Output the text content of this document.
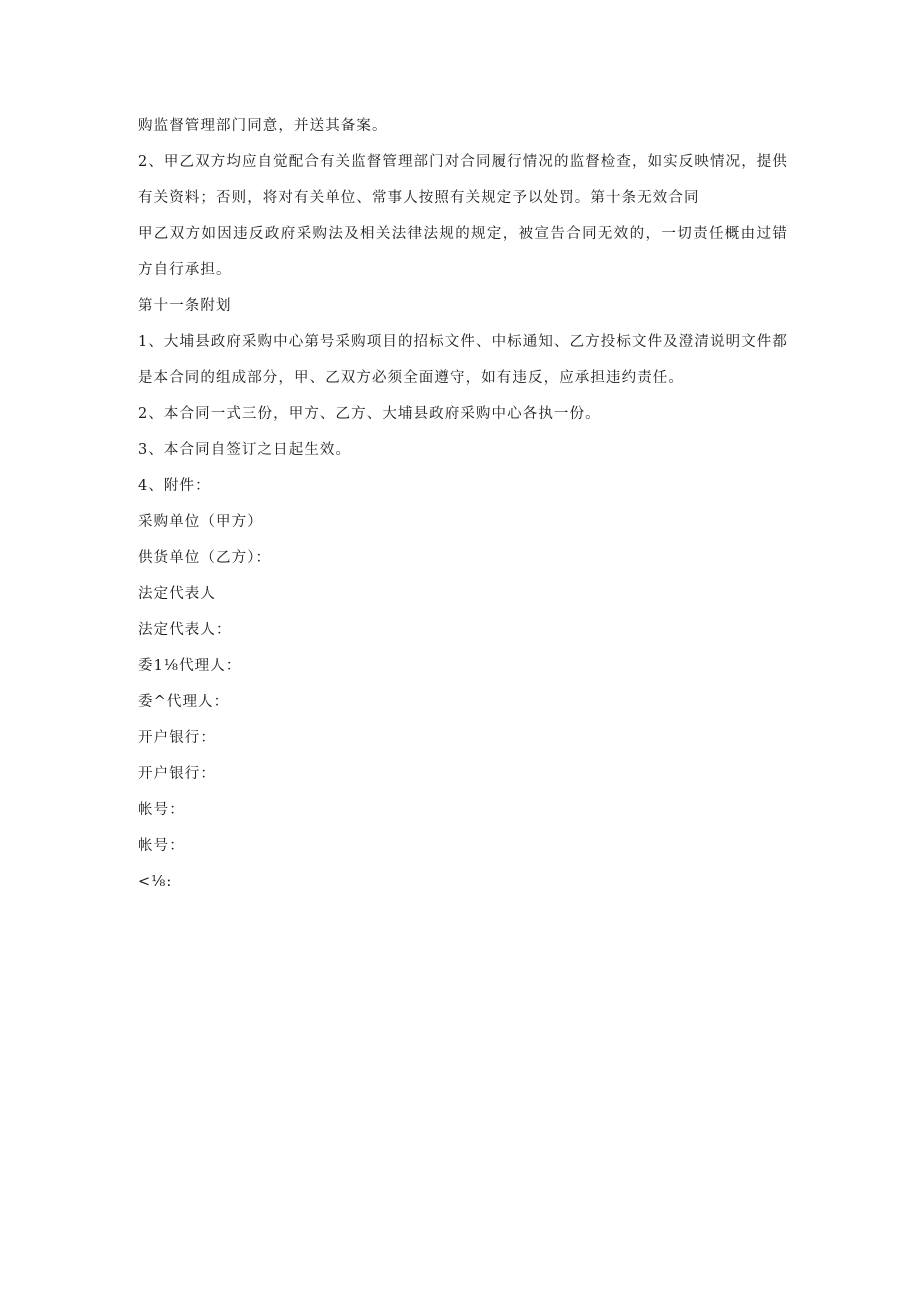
购监督管理部门同意，并送其备案。
2、甲乙双方均应自觉配合有关监督管理部门对合同履行情况的监督检查，如实反映情况，提供
有关资料；否则，将对有关单位、常事人按照有关规定予以处罚。第十条无效合同
甲乙双方如因违反政府采购法及相关法律法规的规定，被宣告合同无效的，一切责任概由过错
方自行承担。
第十一条附划
1、大埔县政府采购中心第号采购项目的招标文件、中标通知、乙方投标文件及澄清说明文件都
是本合同的组成部分，甲、乙双方必须全面遵守，如有违反，应承担违约责任。
2、本合同一式三份，甲方、乙方、大埔县政府采购中心各执一份。
3、本合同自签订之日起生效。
4、附件：
采购单位（甲方）
供货单位（乙方）：
法定代表人
法定代表人：
委1⅛代理人：
委^代理人：
开户银行：
开户银行：
帐号：
帐号：
<⅛:
